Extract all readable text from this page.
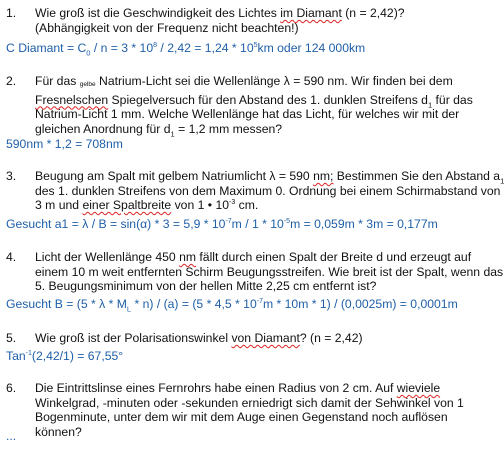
1. Wie groß ist die Geschwindigkeit des Lichtes im Diamant (n = 2,42)?
(Abhängigkeit von der Frequenz nicht beachten!)
C Diamant = $C_0 / n = 3 * 10^8 / 2,42 = 1,24 * 10^5km$ oder 124 000km
2. Für das gelbe Natrium-Licht sei die Wellenlänge λ = 590 nm. Wir finden bei dem
Fresnelschen Spiegelversuch für den Abstand des 1. dunklen Streifens $d_1$ für das
Natrium-Licht 1 mm. Welche Wellenlänge hat das Licht, für welches wir mit der
gleichen Anordnung für $d_1 = 1,2$ mm messen?
590nm * 1,2 = 708nm
3. Beugung am Spalt mit gelbem Natriumlicht λ = 590 nm; Bestimmen Sie den Abstand $a_1$
des 1. dunklen Streifens von dem Maximum 0. Ordnung bei einem Schirmabstand von
3 m und einer Spaltbreite von 1 • $10^{-3}$ cm.
Gesucht $a1 = \lambda / B = \sin(\alpha) * 3 = 5,9 * 10^{-7}m / 1 * 10^{-5}m = 0,059m * 3m = 0,177m$
4. Licht der Wellenlänge 450 nm fällt durch einen Spalt der Breite d und erzeugt auf
einem 10 m weit entfernten Schirm Beugungsstreifen. Wie breit ist der Spalt, wenn das
5. Beugungsminimum von der hellen Mitte 2,25 cm entfernt ist?
Gesucht $B = (5 * \lambda * M_L * n) / (a) = (5 * 4,5 * 10^{-7}m * 10m * 1) / (0,0025m) = 0,0001m$
5. Wie groß ist der Polarisationswinkel von Diamant? (n = 2,42)
Tan$^{-1}$(2,42/1) = 67,55°
6. Die Eintrittslinse eines Fernrohrs habe einen Radius von 2 cm. Auf wieviele
Winkelgrad, -minuten oder -sekunden erniedrigt sich damit der Sehwinkel von 1
Bogenminute, unter dem wir mit dem Auge einen Gegenstand noch auflösen können?
...
